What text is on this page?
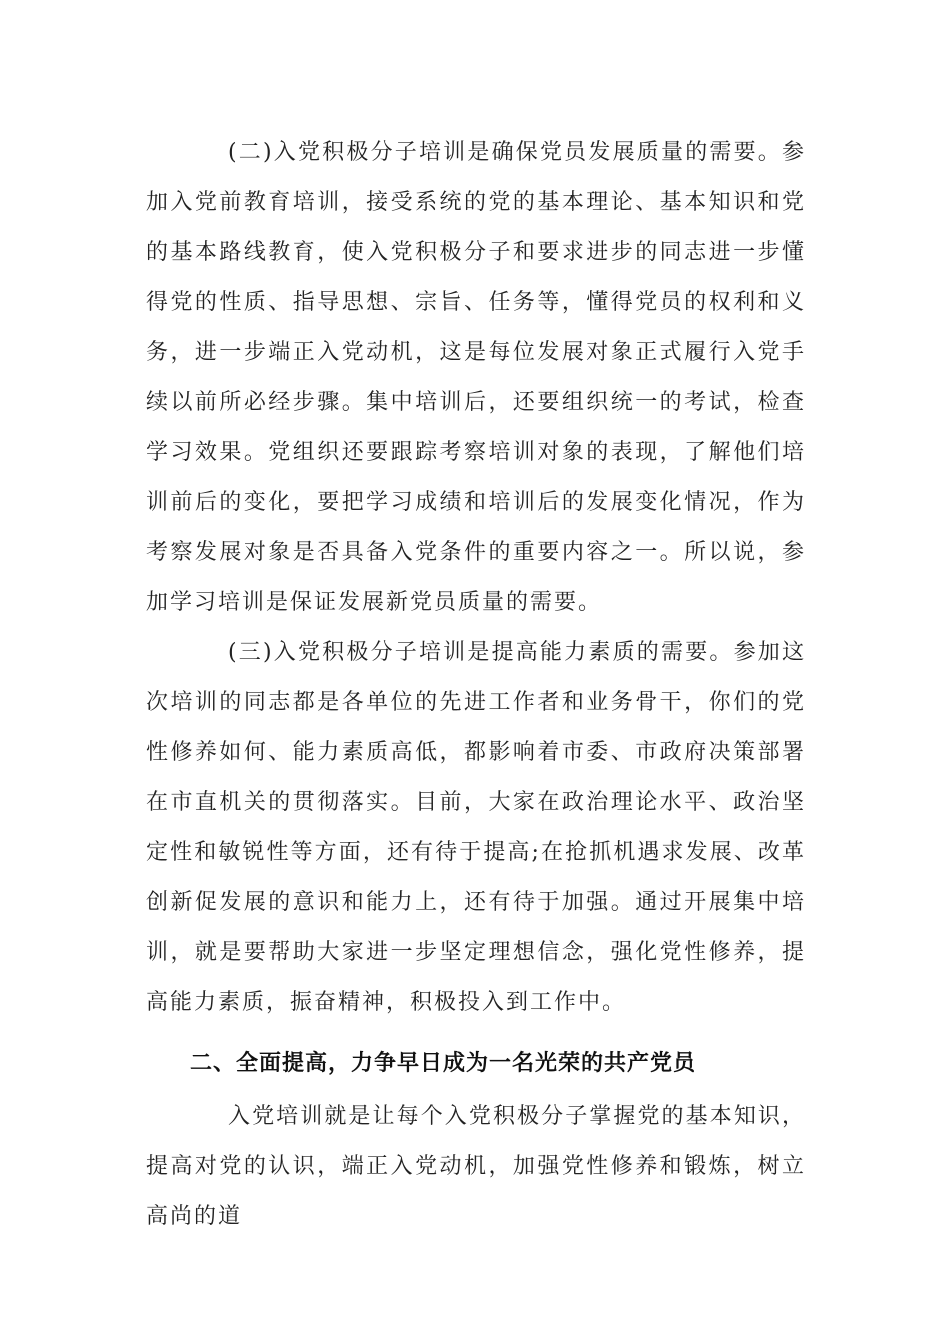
(二)入党积极分子培训是确保党员发展质量的需要。参加入党前教育培训，接受系统的党的基本理论、基本知识和党的基本路线教育，使入党积极分子和要求进步的同志进一步懂得党的性质、指导思想、宗旨、任务等，懂得党员的权利和义务，进一步端正入党动机，这是每位发展对象正式履行入党手续以前所必经步骤。集中培训后，还要组织统一的考试，检查学习效果。党组织还要跟踪考察培训对象的表现，了解他们培训前后的变化，要把学习成绩和培训后的发展变化情况，作为考察发展对象是否具备入党条件的重要内容之一。所以说，参加学习培训是保证发展新党员质量的需要。

(三)入党积极分子培训是提高能力素质的需要。参加这次培训的同志都是各单位的先进工作者和业务骨干，你们的党性修养如何、能力素质高低，都影响着市委、市政府决策部署在市直机关的贯彻落实。目前，大家在政治理论水平、政治坚定性和敏锐性等方面，还有待于提高;在抢抓机遇求发展、改革创新促发展的意识和能力上，还有待于加强。通过开展集中培训，就是要帮助大家进一步坚定理想信念，强化党性修养，提高能力素质，振奋精神，积极投入到工作中。

二、全面提高，力争早日成为一名光荣的共产党员

入党培训就是让每个入党积极分子掌握党的基本知识，提高对党的认识，端正入党动机，加强党性修养和锻炼，树立高尚的道
